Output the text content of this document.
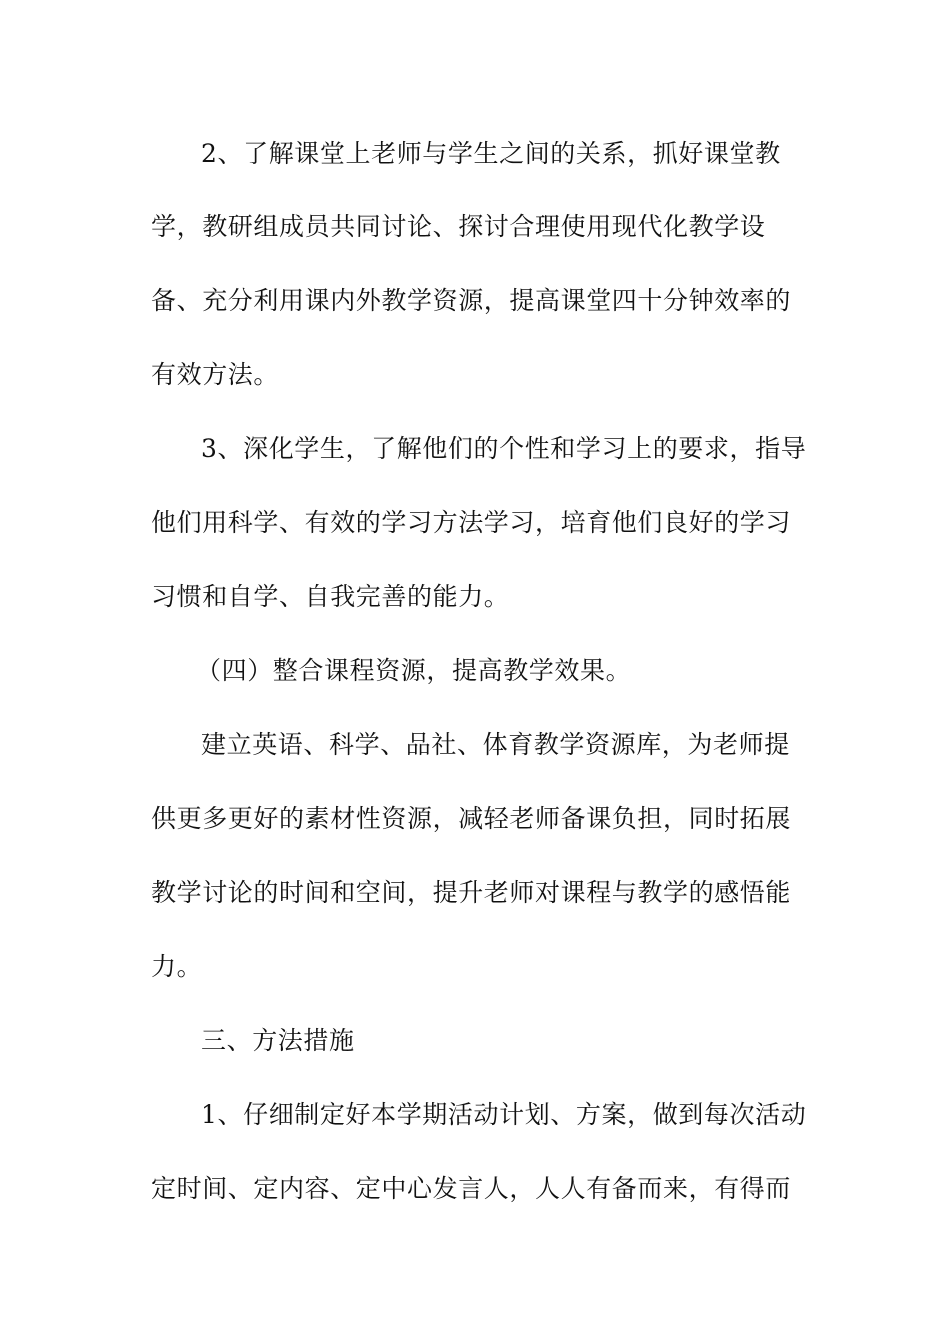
2、了解课堂上老师与学生之间的关系，抓好课堂教
学，教研组成员共同讨论、探讨合理使用现代化教学设
备、充分利用课内外教学资源，提高课堂四十分钟效率的
有效方法。
3、深化学生，了解他们的个性和学习上的要求，指导
他们用科学、有效的学习方法学习，培育他们良好的学习
习惯和自学、自我完善的能力。
（四）整合课程资源，提高教学效果。
建立英语、科学、品社、体育教学资源库，为老师提
供更多更好的素材性资源，减轻老师备课负担，同时拓展
教学讨论的时间和空间，提升老师对课程与教学的感悟能
力。
三、方法措施
1、仔细制定好本学期活动计划、方案，做到每次活动
定时间、定内容、定中心发言人，人人有备而来，有得而
